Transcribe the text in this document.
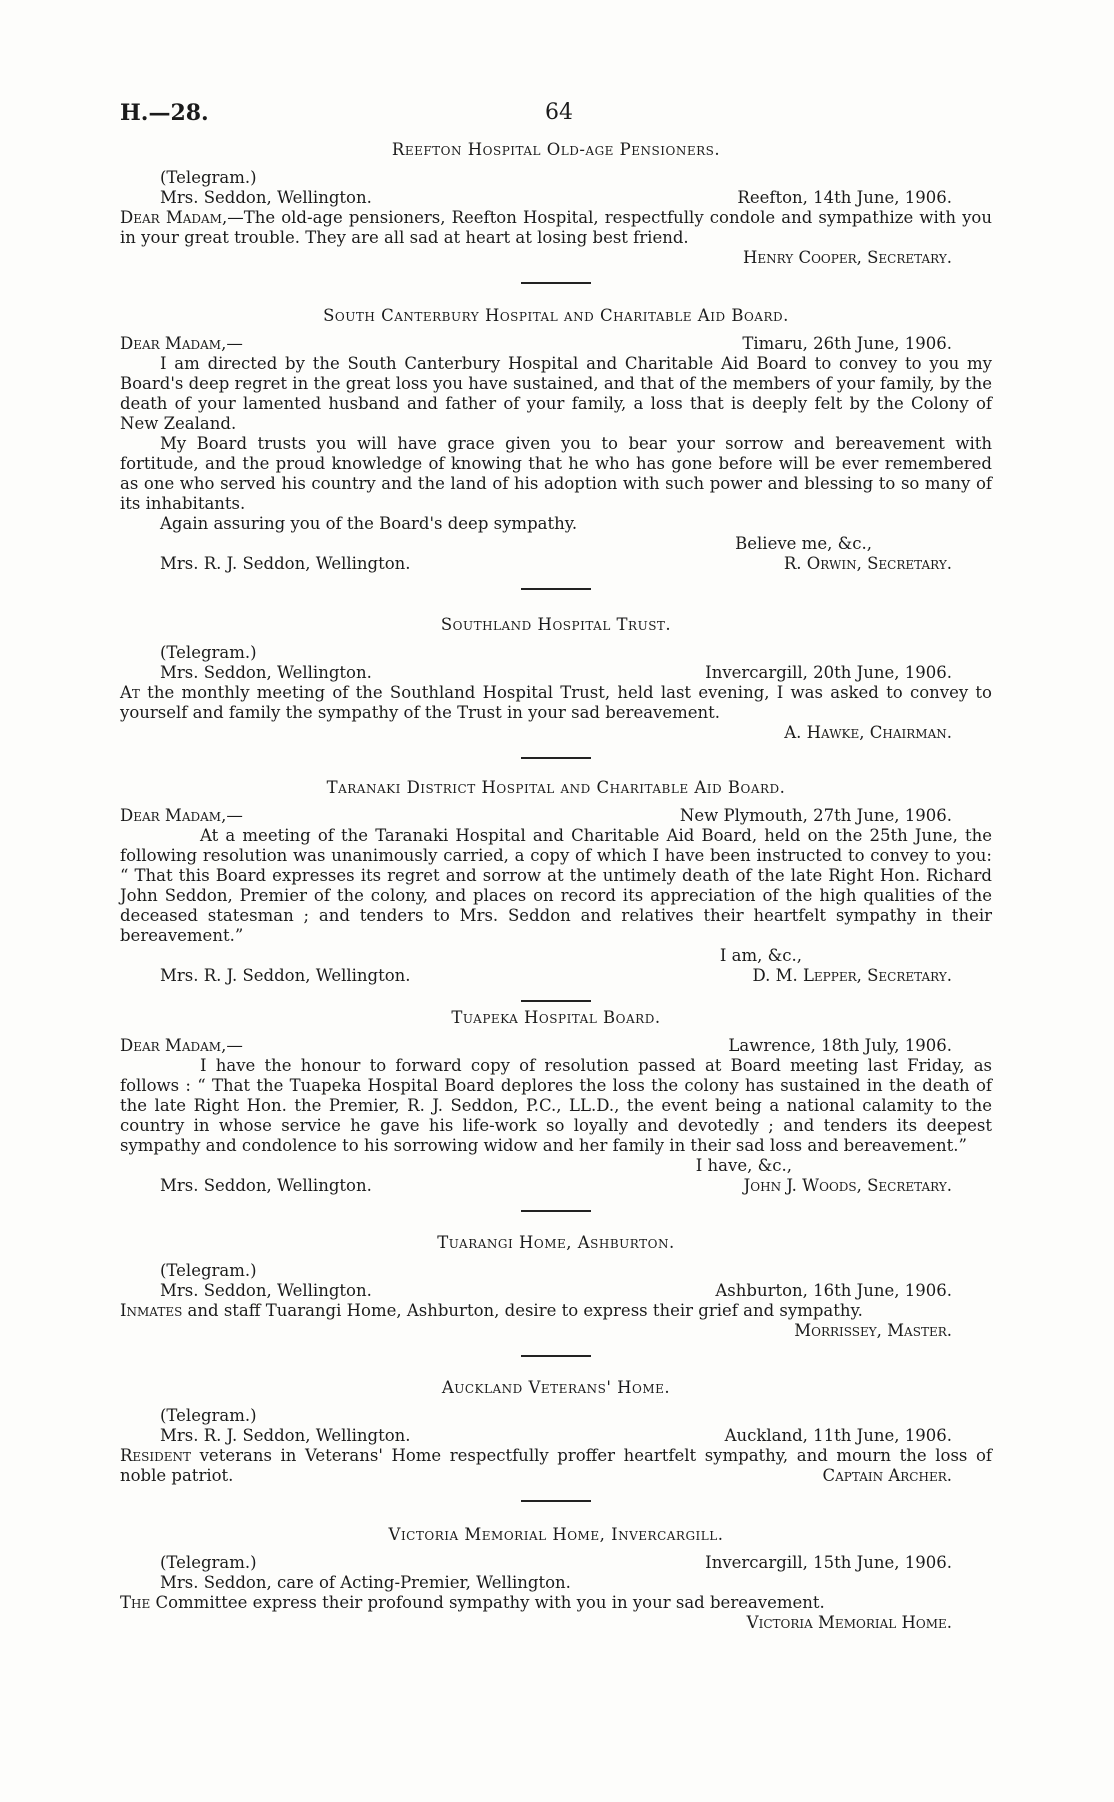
H.—28.	64
Reefton Hospital Old-age Pensioners.
(Telegram.)
Mrs. Seddon, Wellington.	Reefton, 14th June, 1906.

Dear Madam,—The old-age pensioners, Reefton Hospital, respectfully condole and sympathize with you in your great trouble. They are all sad at heart at losing best friend.

Henry Cooper, Secretary.
South Canterbury Hospital and Charitable Aid Board.
Dear Madam,—	Timaru, 26th June, 1906.

I am directed by the South Canterbury Hospital and Charitable Aid Board to convey to you my Board's deep regret in the great loss you have sustained, and that of the members of your family, by the death of your lamented husband and father of your family, a loss that is deeply felt by the Colony of New Zealand.

My Board trusts you will have grace given you to bear your sorrow and bereavement with fortitude, and the proud knowledge of knowing that he who has gone before will be ever remembered as one who served his country and the land of his adoption with such power and blessing to so many of its inhabitants.

Again assuring you of the Board's deep sympathy.

Believe me, &c.,
Mrs. R. J. Seddon, Wellington.	R. Orwin, Secretary.
Southland Hospital Trust.
(Telegram.)
Mrs. Seddon, Wellington.	Invercargill, 20th June, 1906.

At the monthly meeting of the Southland Hospital Trust, held last evening, I was asked to convey to yourself and family the sympathy of the Trust in your sad bereavement.

A. Hawke, Chairman.
Taranaki District Hospital and Charitable Aid Board.
Dear Madam,—	New Plymouth, 27th June, 1906.

At a meeting of the Taranaki Hospital and Charitable Aid Board, held on the 25th June, the following resolution was unanimously carried, a copy of which I have been instructed to convey to you: “ That this Board expresses its regret and sorrow at the untimely death of the late Right Hon. Richard John Seddon, Premier of the colony, and places on record its appreciation of the high qualities of the deceased statesman ; and tenders to Mrs. Seddon and relatives their heartfelt sympathy in their bereavement.”

I am, &c.,
Mrs. R. J. Seddon, Wellington.	D. M. Lepper, Secretary.
Tuapeka Hospital Board.
Dear Madam,—	Lawrence, 18th July, 1906.

I have the honour to forward copy of resolution passed at Board meeting last Friday, as follows : “ That the Tuapeka Hospital Board deplores the loss the colony has sustained in the death of the late Right Hon. the Premier, R. J. Seddon, P.C., LL.D., the event being a national calamity to the country in whose service he gave his life-work so loyally and devotedly ; and tenders its deepest sympathy and condolence to his sorrowing widow and her family in their sad loss and bereavement.”

I have, &c.,
Mrs. Seddon, Wellington.	John J. Woods, Secretary.
Tuarangi Home, Ashburton.
(Telegram.)
Mrs. Seddon, Wellington.	Ashburton, 16th June, 1906.

Inmates and staff Tuarangi Home, Ashburton, desire to express their grief and sympathy.

Morrissey, Master.
Auckland Veterans' Home.
(Telegram.)
Mrs. R. J. Seddon, Wellington.	Auckland, 11th June, 1906.

Resident veterans in Veterans' Home respectfully proffer heartfelt sympathy, and mourn the loss of noble patriot.	Captain Archer.
Victoria Memorial Home, Invercargill.
(Telegram.)	Invercargill, 15th June, 1906.
Mrs. Seddon, care of Acting-Premier, Wellington.

The Committee express their profound sympathy with you in your sad bereavement.

Victoria Memorial Home.
